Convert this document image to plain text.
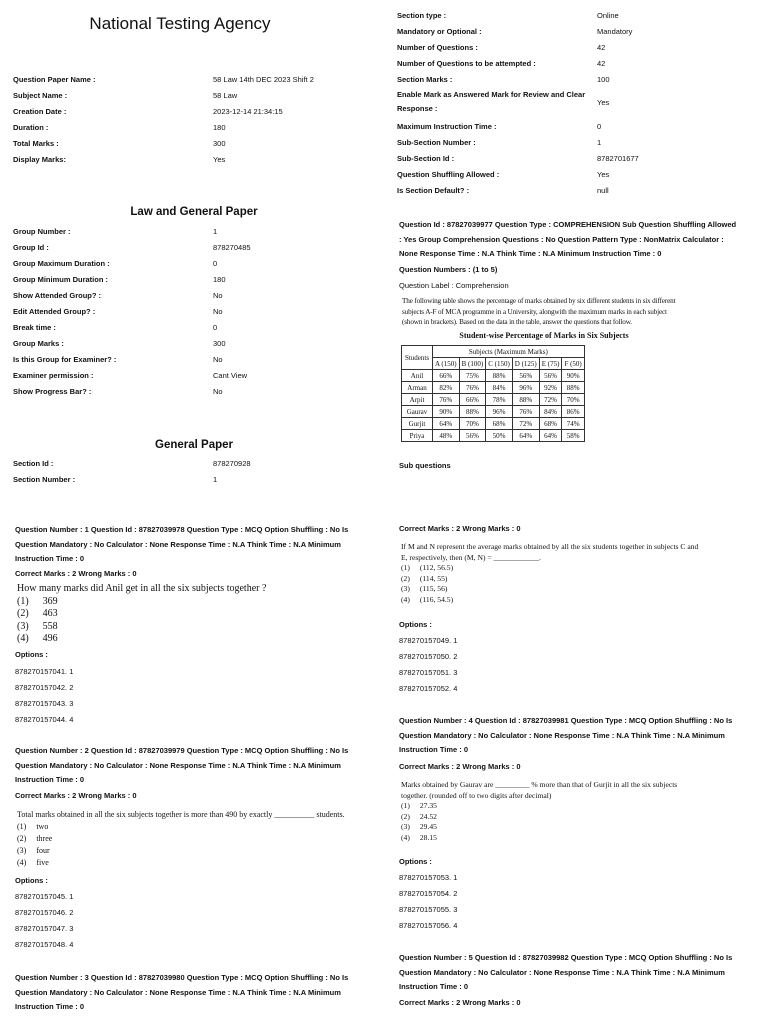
National Testing Agency
Question Paper Name :	58 Law 14th DEC 2023 Shift 2
Subject Name :	58 Law
Creation Date :	2023-12-14 21:34:15
Duration :	180
Total Marks :	300
Display Marks:	Yes
Law and General Paper
Group Number :	1
Group Id :	878270485
Group Maximum Duration :	0
Group Minimum Duration :	180
Show Attended Group? :	No
Edit Attended Group? :	No
Break time :	0
Group Marks :	300
Is this Group for Examiner? :	No
Examiner permission :	Cant View
Show Progress Bar? :	No
General Paper
Section Id :	878270928
Section Number :	1
Question Number : 1 Question Id : 87827039978 Question Type : MCQ Option Shuffling : No Is
Question Mandatory : No Calculator : None Response Time : N.A Think Time : N.A Minimum
Instruction Time : 0
Correct Marks : 2 Wrong Marks : 0
How many marks did Anil get in all the six subjects together ?
(1) 369
(2) 463
(3) 558
(4) 496
Options :
878270157041. 1
878270157042. 2
878270157043. 3
878270157044. 4
Question Number : 2 Question Id : 87827039979 Question Type : MCQ Option Shuffling : No Is
Question Mandatory : No Calculator : None Response Time : N.A Think Time : N.A Minimum
Instruction Time : 0
Correct Marks : 2 Wrong Marks : 0
Total marks obtained in all the six subjects together is more than 490 by exactly __________ students.
(1) two
(2) three
(3) four
(4) five
Options :
878270157045. 1
878270157046. 2
878270157047. 3
878270157048. 4
Question Number : 3 Question Id : 87827039980 Question Type : MCQ Option Shuffling : No Is
Question Mandatory : No Calculator : None Response Time : N.A Think Time : N.A Minimum
Instruction Time : 0
Section type :	Online
Mandatory or Optional :	Mandatory
Number of Questions :	42
Number of Questions to be attempted :	42
Section Marks :	100
Enable Mark as Answered Mark for Review and Clear Response :
Yes
Maximum Instruction Time :	0
Sub-Section Number :	1
Sub-Section Id :	8782701677
Question Shuffling Allowed :	Yes
Is Section Default? :	null
Question Id : 87827039977 Question Type : COMPREHENSION Sub Question Shuffling Allowed
: Yes Group Comprehension Questions : No Question Pattern Type : NonMatrix Calculator :
None Response Time : N.A Think Time : N.A Minimum Instruction Time : 0
Question Numbers : (1 to 5)
Question Label : Comprehension
The following table shows the percentage of marks obtained by six different students in six different
subjects A-F of MCA programme in a University, alongwith the maximum marks in each subject
(shown in brackets). Based on the data in the table, answer the questions that follow.
Student-wise Percentage of Marks in Six Subjects
Students	Subjects (Maximum Marks)					
	A (150)	B (100)	C (150)	D (125)	E (75)	F (50)
Anil	66%	75%	88%	56%	56%	90%
Arman	82%	76%	84%	96%	92%	88%
Arpit	76%	66%	78%	88%	72%	70%
Gaurav	90%	88%	96%	76%	84%	86%
Gurjit	64%	70%	68%	72%	68%	74%
Priya	48%	56%	50%	64%	64%	58%
Sub questions
Correct Marks : 2 Wrong Marks : 0
If M and N represent the average marks obtained by all the six students together in subjects C and
E, respectively, then (M, N) = ____________.
(1) (112, 56.5)
(2) (114, 55)
(3) (115, 56)
(4) (116, 54.5)
Options :
878270157049. 1
878270157050. 2
878270157051. 3
878270157052. 4
Question Number : 4 Question Id : 87827039981 Question Type : MCQ Option Shuffling : No Is
Question Mandatory : No Calculator : None Response Time : N.A Think Time : N.A Minimum
Instruction Time : 0
Correct Marks : 2 Wrong Marks : 0
Marks obtained by Gaurav are _________ % more than that of Gurjit in all the six subjects
together. (rounded off to two digits after decimal)
(1) 27.35
(2) 24.52
(3) 29.45
(4) 28.15
Options :
878270157053. 1
878270157054. 2
878270157055. 3
878270157056. 4
Question Number : 5 Question Id : 87827039982 Question Type : MCQ Option Shuffling : No Is
Question Mandatory : No Calculator : None Response Time : N.A Think Time : N.A Minimum
Instruction Time : 0
Correct Marks : 2 Wrong Marks : 0
